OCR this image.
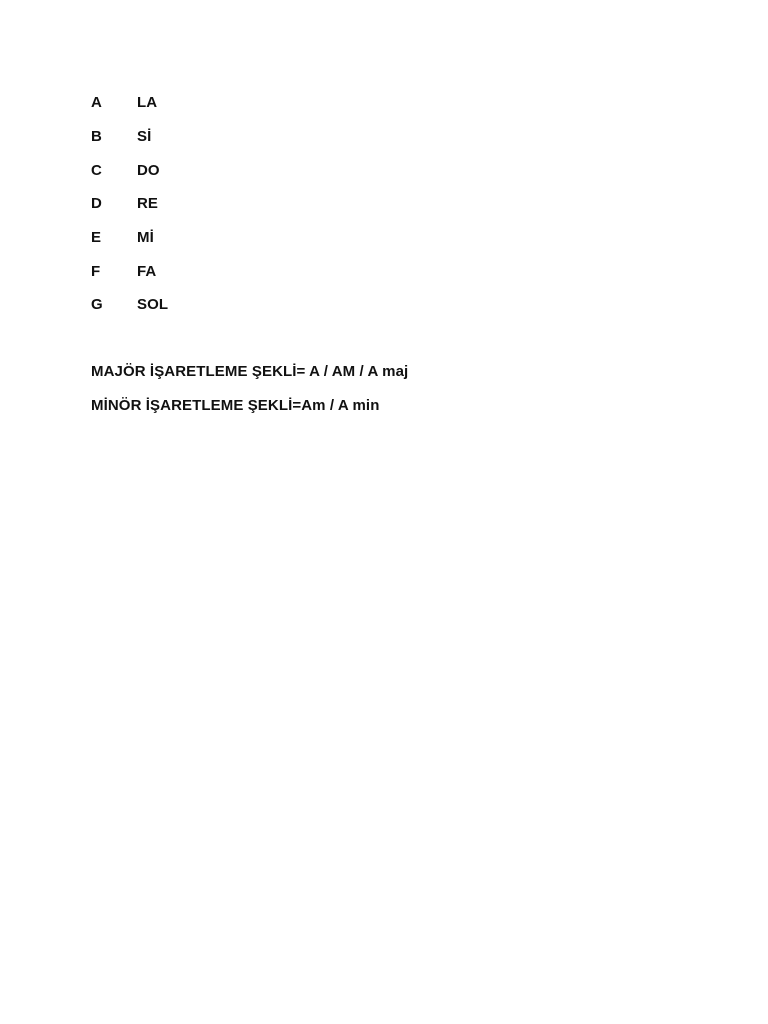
A	LA
B	Sİ
C	DO
D	RE
E	Mİ
F	FA
G	SOL
MAJÖR İŞARETLEME ŞEKLİ= A / AM / A maj
MİNÖR İŞARETLEME ŞEKLİ=Am / A min
